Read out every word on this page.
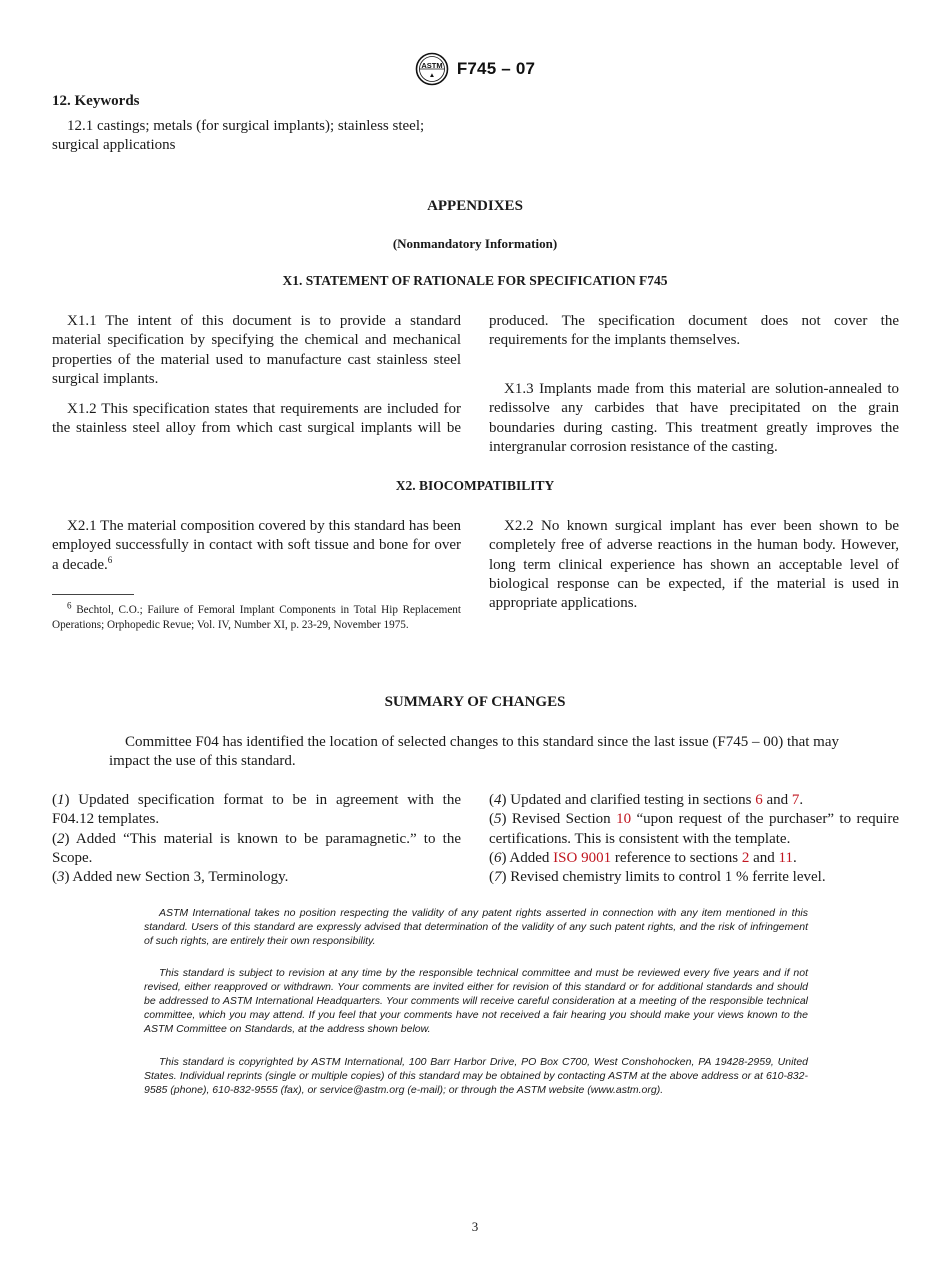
ASTM
▲ F745 – 07
12. Keywords
12.1 castings; metals (for surgical implants); stainless steel; surgical applications
APPENDIXES
(Nonmandatory Information)
X1. STATEMENT OF RATIONALE FOR SPECIFICATION F745
X1.1 The intent of this document is to provide a standard material specification by specifying the chemical and mechanical properties of the material used to manufacture cast stainless steel surgical implants.
X1.2 This specification states that requirements are included for the stainless steel alloy from which cast surgical implants will be
produced. The specification document does not cover the requirements for the implants themselves.
X1.3 Implants made from this material are solution-annealed to redissolve any carbides that have precipitated on the grain boundaries during casting. This treatment greatly improves the intergranular corrosion resistance of the casting.
X2. BIOCOMPATIBILITY
X2.1 The material composition covered by this standard has been employed successfully in contact with soft tissue and bone for over a decade.$^6$
$^6$ Bechtol, C.O.; Failure of Femoral Implant Components in Total Hip Replacement Operations; Orphopedic Revue; Vol. IV, Number XI, p. 23-29, November 1975.
X2.2 No known surgical implant has ever been shown to be completely free of adverse reactions in the human body. However, long term clinical experience has shown an acceptable level of biological response can be expected, if the material is used in appropriate applications.
SUMMARY OF CHANGES
Committee F04 has identified the location of selected changes to this standard since the last issue (F745 – 00) that may impact the use of this standard.

(1) Updated specification format to be in agreement with the F04.12 templates.

(2) Added “This material is known to be paramagnetic.” to the Scope.

(3) Added new Section 3, Terminology.

(4) Updated and clarified testing in sections 6 and 7.

(5) Revised Section 10 “upon request of the purchaser” to require certifications. This is consistent with the template.

(6) Added ISO 9001 reference to sections 2 and 11.

(7) Revised chemistry limits to control 1 % ferrite level.

ASTM International takes no position respecting the validity of any patent rights asserted in connection with any item mentioned in this standard. Users of this standard are expressly advised that determination of the validity of any such patent rights, and the risk of infringement of such rights, are entirely their own responsibility.
This standard is subject to revision at any time by the responsible technical committee and must be reviewed every five years and if not revised, either reapproved or withdrawn. Your comments are invited either for revision of this standard or for additional standards and should be addressed to ASTM International Headquarters. Your comments will receive careful consideration at a meeting of the responsible technical committee, which you may attend. If you feel that your comments have not received a fair hearing you should make your views known to the ASTM Committee on Standards, at the address shown below.
This standard is copyrighted by ASTM International, 100 Barr Harbor Drive, PO Box C700, West Conshohocken, PA 19428-2959, United States. Individual reprints (single or multiple copies) of this standard may be obtained by contacting ASTM at the above address or at 610-832-9585 (phone), 610-832-9555 (fax), or service@astm.org (e-mail); or through the ASTM website (www.astm.org).
3
